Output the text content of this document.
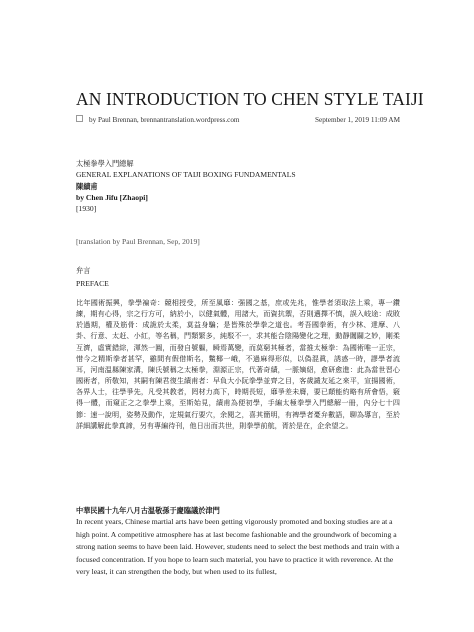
AN INTRODUCTION TO CHEN STYLE TAIJI
by Paul Brennan, brennantranslation.wordpress.com	September 1, 2019 11:09 AM
太極拳學入門總解
GENERAL EXPLANATIONS OF TAIJI BOXING FUNDAMENTALS
陳績甫
by Chen Jifu [Zhaopi]
[1930]
[translation by Paul Brennan, Sep, 2019]
弁言
PREFACE
比年國術振興，拳學褊奇：競相授受，所至風靡：强國之基，庶或先兆，惟學者須取法上乘，專一鑽練，期有心得，宗之行方可，納於小，以健氣體，用諸大，而資抗禦，否則邁擇不慎，誤入岐途：成敗於過期，權及筋骨：成詭於太柔，莫益身騙；是皆殊於學拳之道也。考吾國拳術，有少林、達摩、八卦、行意、太赶、小紅，等名稱，門類繁多，純駁不一，求其能合陰陽變化之理，動靜闔闢之妙，剛柔互濟，虛實錯綜，渾然一圓，而發自號軀，瞬焉萬變，而莫窮其極者，當推太極拳：為國術唯一正宗，惜今之精斯拳者甚罕，雖間有假借斯名，鱉椰一峨，不過麻得形似，以偽混眞，誘惑一時，謬學者流耳，河南温縣陳家溝，陳氏號稱之太極拳，淵源正宗，代著奇績，一脈嫡紹，愈研愈進：此為當世習心國術者，所敬知，其嗣有陳君復生績甫者：早負大小阮拳學並齊之目，客歲譴友延之來平，宣揚國術，各界人士，往學爭先，凡受其教者，罔材力高下，時期長短，靡爭差未膺，要已顛能約略有所會悟，竅得一體，而窺正之之拳學上乘，至斯始見，績甫為便初學，手編太極拳學入門總解一冊，內分七十四節：速一說明，姿勢及動作，定規氣行要穴，余閱之，喜其簡明，有裨學者憂弁數語，聊為導言，至於詳細講解此拳真諦，另有專編待刊，他日出而共世，則拳學前航，胥於是在，企余望之。
中華民國十九年八月古温敬孫于慶臨議於津門
In recent years, Chinese martial arts have been getting vigorously promoted and boxing studies are at a high point. A competitive atmosphere has at last become fashionable and the groundwork of becoming a strong nation seems to have been laid. However, students need to select the best methods and train with a focused concentration. If you hope to learn such material, you have to practice it with reverence. At the very least, it can strengthen the body, but when used to its fullest,
